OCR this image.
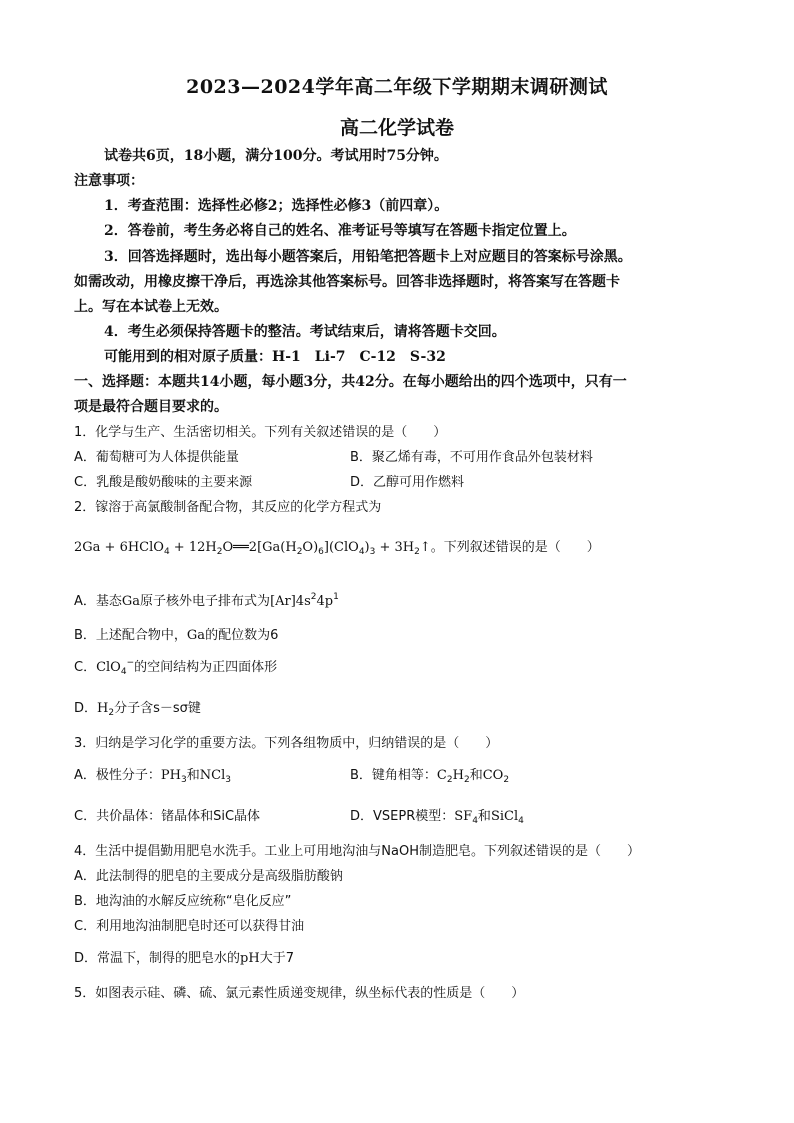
2023—2024学年高二年级下学期期末调研测试
高二化学试卷
试卷共6页，18小题，满分100分。考试用时75分钟。
注意事项：
1．考查范围：选择性必修2；选择性必修3（前四章）。
2．答卷前，考生务必将自己的姓名、准考证号等填写在答题卡指定位置上。
3．回答选择题时，选出每小题答案后，用铅笔把答题卡上对应题目的答案标号涂黑。
如需改动，用橡皮擦干净后，再选涂其他答案标号。回答非选择题时，将答案写在答题卡
上。写在本试卷上无效。
4．考生必须保持答题卡的整洁。考试结束后，请将答题卡交回。
可能用到的相对原子质量：H-1　Li-7　C-12　S-32
一、选择题：本题共14小题，每小题3分，共42分。在每小题给出的四个选项中，只有一
项是最符合题目要求的。
1．化学与生产、生活密切相关。下列有关叙述错误的是（　　）
A．葡萄糖可为人体提供能量	B．聚乙烯有毒，不可用作食品外包装材料
C．乳酸是酸奶酸味的主要来源	D．乙醇可用作燃料
2．镓溶于高氯酸制备配合物，其反应的化学方程式为
2Ga + 6HClO$_4$ + $12H_2O══2[Ga(H_2O)_6](ClO_4)_3$ + $3H_2↑$。下列叙述错误的是（　　）
A．基态Ga原子核外电子排布式为$[Ar]4s^24p^1$
B．上述配合物中，Ga的配位数为6
C．ClO$_4$−的空间结构为正四面体形
D．$H_2$分子含s－sσ键
3．归纳是学习化学的重要方法。下列各组物质中，归纳错误的是（　　）
A．极性分子：$PH_3$和NCl$_3$	B．键角相等：$C_2H_2$和$CO_2$
C．共价晶体：锗晶体和SiC晶体	D．VSEPR模型：$SF_4$和SiCl$_4$
4．生活中提倡勤用肥皂水洗手。工业上可用地沟油与NaOH制造肥皂。下列叙述错误的是（　　）
A．此法制得的肥皂的主要成分是高级脂肪酸钠
B．地沟油的水解反应统称“皂化反应”
C．利用地沟油制肥皂时还可以获得甘油
D．常温下，制得的肥皂水的pH大于7
5．如图表示硅、磷、硫、氯元素性质递变规律，纵坐标代表的性质是（　　）
